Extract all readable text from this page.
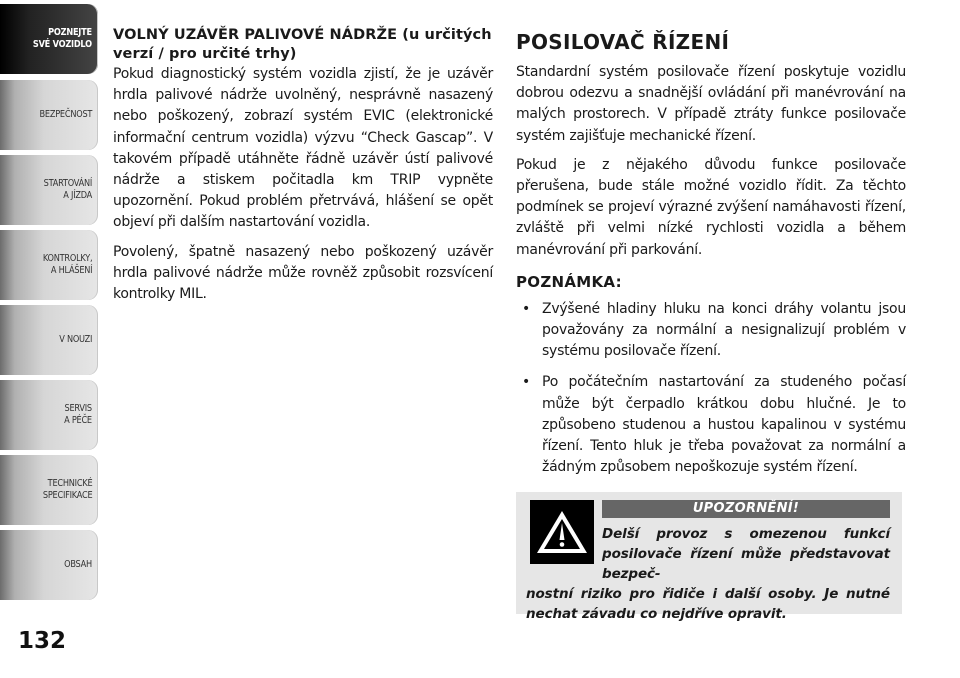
POZNEJTE
SVÉ VOZIDLO
BEZPEČNOST
STARTOVÁNÍ
A JÍZDA
KONTROLKY,
A HLÁŠENÍ
V NOUZI
SERVIS
A PÉČE
TECHNICKÉ
SPECIFIKACE
OBSAH
132
VOLNÝ UZÁVĚR PALIVOVÉ NÁDRŽE (u určitých verzí / pro určité trhy)

Pokud diagnostický systém vozidla zjistí, že je uzávěr hrdla palivové nádrže uvolněný, nesprávně nasazený nebo poškozený, zobrazí systém EVIC (elektronické informační centrum vozidla) výzvu “Check Gascap”. V takovém případě utáhněte řádně uzávěr ústí palivové nádrže a stiskem počitadla km TRIP vypněte upozornění. Pokud problém přetrvává, hlášení se opět objeví při dalším nastartování vozidla.

Povolený, špatně nasazený nebo poškozený uzávěr hrdla palivové nádrže může rovněž způsobit rozsvícení kontrolky MIL.

POSILOVAČ ŘÍZENÍ

Standardní systém posilovače řízení poskytuje vozidlu dobrou odezvu a snadnější ovládání při manévrování na malých prostorech. V případě ztráty funkce posilovače systém zajišťuje mechanické řízení.

Pokud je z nějakého důvodu funkce posilovače přerušena, bude stále možné vozidlo řídit. Za těchto podmínek se projeví výrazné zvýšení namáhavosti řízení, zvláště při velmi nízké rychlosti vozidla a během manévrování při parkování.

POZNÁMKA:
• Zvýšené hladiny hluku na konci dráhy volantu jsou považovány za normální a nesignalizují problém v systému posilovače řízení.
• Po počátečním nastartování za studeného počasí může být čerpadlo krátkou dobu hlučné. Je to způsobeno studenou a hustou kapalinou v systému řízení. Tento hluk je třeba považovat za normální a žádným způsobem nepoškozuje systém řízení.
UPOZORNĚNÍ!
Delší provoz s omezenou funkcí posilovače řízení může představovat bezpeč-
nostní riziko pro řidiče i další osoby. Je nutné nechat závadu co nejdříve opravit.
